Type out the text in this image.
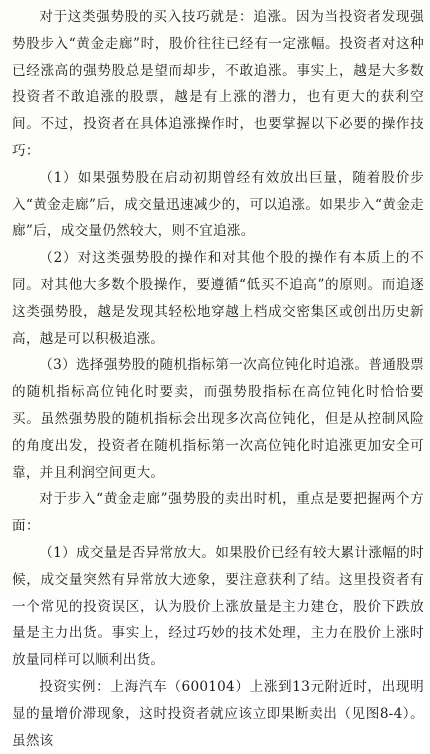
对于这类强势股的买入技巧就是：追涨。因为当投资者发现强势股步入“黄金走廊”时，股价往往已经有一定涨幅。投资者对这种已经涨高的强势股总是望而却步，不敢追涨。事实上，越是大多数投资者不敢追涨的股票，越是有上涨的潜力，也有更大的获利空间。不过，投资者在具体追涨操作时，也要掌握以下必要的操作技巧：

（1）如果强势股在启动初期曾经有效放出巨量，随着股价步入“黄金走廊”后，成交量迅速减少的，可以追涨。如果步入“黄金走廊”后，成交量仍然较大，则不宜追涨。

（2）对这类强势股的操作和对其他个股的操作有本质上的不同。对其他大多数个股操作，要遵循“低买不追高”的原则。而追逐这类强势股，越是发现其轻松地穿越上档成交密集区或创出历史新高，越是可以积极追涨。

（3）选择强势股的随机指标第一次高位钝化时追涨。普通股票的随机指标高位钝化时要卖，而强势股指标在高位钝化时恰恰要买。虽然强势股的随机指标会出现多次高位钝化，但是从控制风险的角度出发，投资者在随机指标第一次高位钝化时追涨更加安全可靠，并且利润空间更大。

对于步入“黄金走廊”强势股的卖出时机，重点是要把握两个方面：

（1）成交量是否异常放大。如果股价已经有较大累计涨幅的时候，成交量突然有异常放大迹象，要注意获利了结。这里投资者有一个常见的投资误区，认为股价上涨放量是主力建仓，股价下跌放量是主力出货。事实上，经过巧妙的技术处理，主力在股价上涨时放量同样可以顺利出货。

投资实例：上海汽车（600104）上涨到13元附近时，出现明显的量增价滞现象，这时投资者就应该立即果断卖出（见图8-4）。虽然该
